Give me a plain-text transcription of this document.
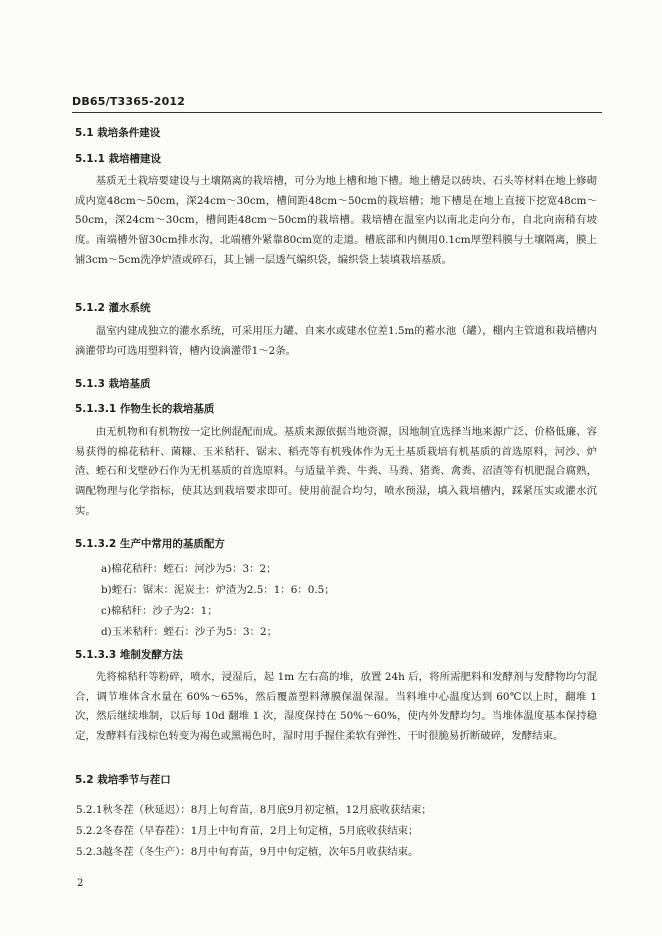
DB65/T3365-2012
5.1 栽培条件建设
5.1.1 栽培槽建设
基质无土栽培要建设与土壤隔离的栽培槽，可分为地上槽和地下槽。地上槽是以砖块、石头等材料在地上修砌成内宽48cm～50cm，深24cm～30cm，槽间距48cm～50cm的栽培槽；地下槽是在地上直接下挖宽48cm～50cm，深24cm～30cm，槽间距48cm～50cm的栽培槽。栽培槽在温室内以南北走向分布，自北向南稍有坡度。南端槽外留30cm排水沟，北端槽外紧靠80cm宽的走道。槽底部和内侧用0.1cm厚塑料膜与土壤隔离，膜上铺3cm～5cm洗净炉渣或碎石，其上铺一层透气编织袋，编织袋上装填栽培基质。
5.1.2 灌水系统
温室内建成独立的灌水系统，可采用压力罐、自来水或建水位差1.5m的蓄水池（罐），棚内主管道和栽培槽内滴灌带均可选用塑料管，槽内设滴灌带1～2条。
5.1.3 栽培基质
5.1.3.1 作物生长的栽培基质
由无机物和有机物按一定比例混配而成。基质来源依据当地资源，因地制宜选择当地来源广泛、价格低廉、容易获得的棉花秸秆、菌糠、玉米秸秆、锯末、稻壳等有机残体作为无土基质栽培有机基质的首选原料，河沙、炉渣、蛭石和戈壁砂石作为无机基质的首选原料。与适量羊粪、牛粪、马粪、猪粪、禽粪、沼渣等有机肥混合腐熟，调配物理与化学指标，使其达到栽培要求即可。使用前混合均匀，喷水预湿，填入栽培槽内，踩紧压实或灌水沉实。
5.1.3.2 生产中常用的基质配方
a)棉花秸秆：蛭石：河沙为5：3：2；
b)蛭石：锯末：泥炭土：炉渣为2.5：1：6：0.5；
c)棉秸秆：沙子为2：1；
d)玉米秸秆：蛭石：沙子为5：3：2；
5.1.3.3 堆制发酵方法
先将棉秸秆等粉碎，喷水，浸湿后，起 1m 左右高的堆，放置 24h 后，将所需肥料和发酵剂与发酵物均匀混合，调节堆体含水量在 60%～65%，然后覆盖塑料薄膜保温保湿。当料堆中心温度达到 60℃以上时，翻堆 1 次，然后继续堆制，以后每 10d 翻堆 1 次，湿度保持在 50%～60%，使内外发酵均匀。当堆体温度基本保持稳定，发酵料有浅棕色转变为褐色或黑褐色时，湿时用手握住柔软有弹性、干时很脆易折断破碎，发酵结束。
5.2 栽培季节与茬口
5.2.1秋冬茬（秋延迟）：8月上旬育苗，8月底9月初定植，12月底收获结束；
5.2.2冬春茬（早春茬）：1月上中旬育苗，2月上旬定植，5月底收获结束；
5.2.3越冬茬（冬生产）：8月中旬育苗，9月中旬定植，次年5月收获结束。
2
